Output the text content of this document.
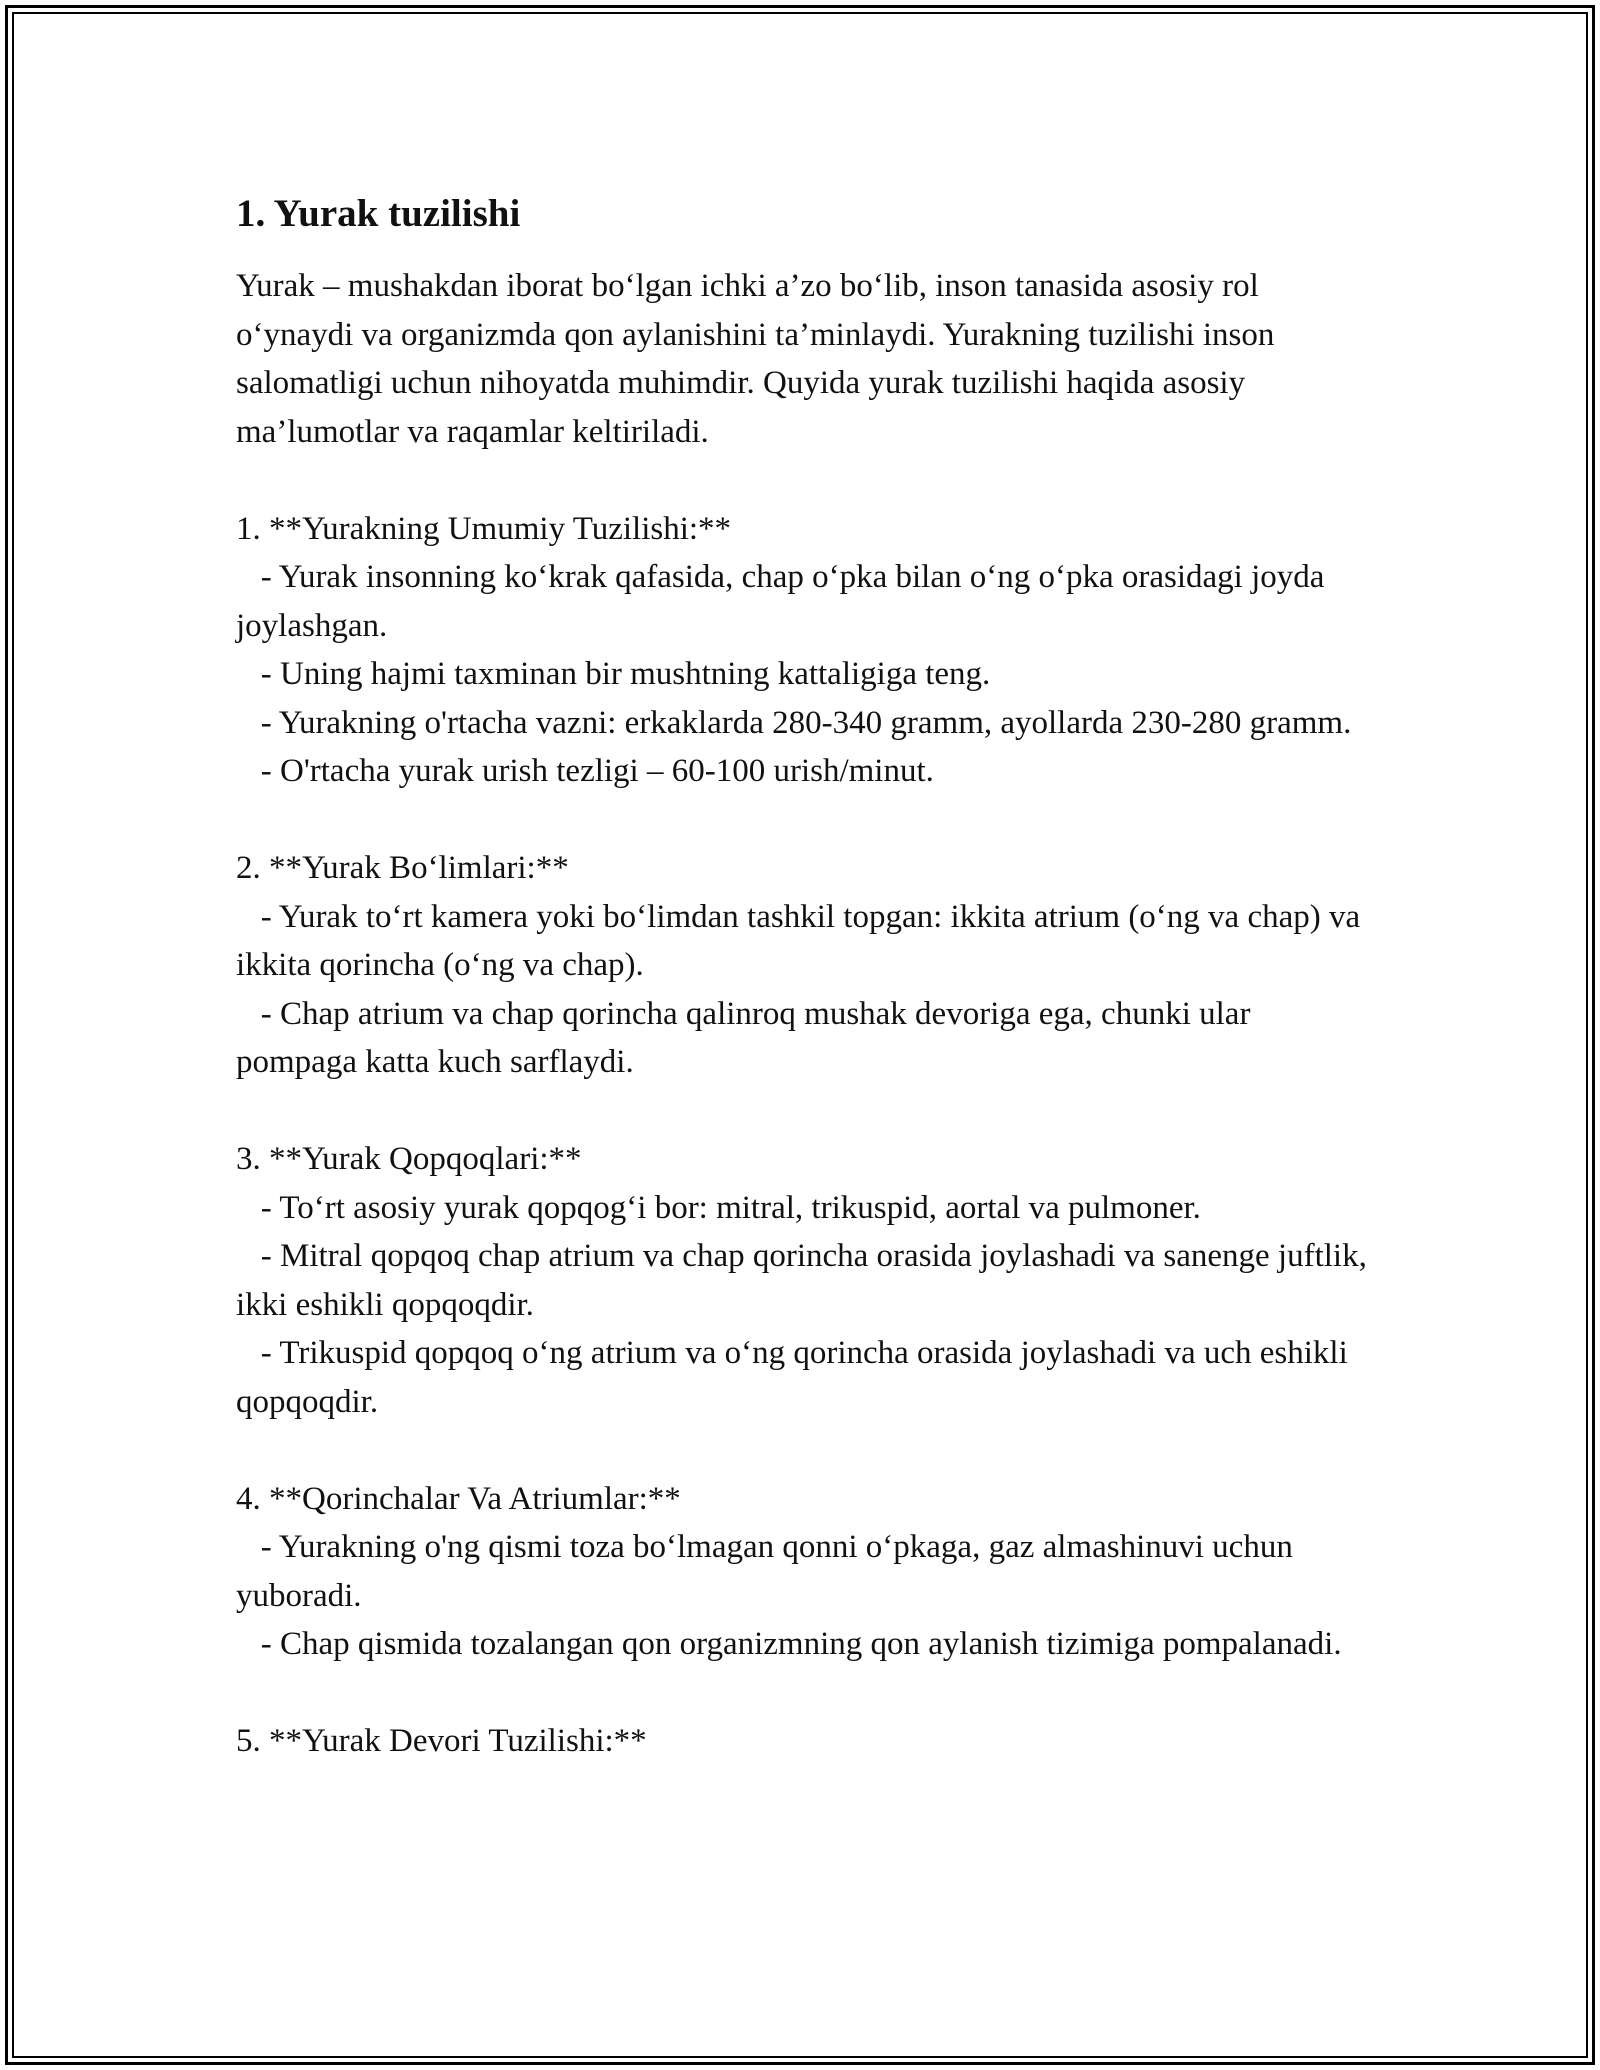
1. Yurak tuzilishi

Yurak – mushakdan iborat bo‘lgan ichki a’zo bo‘lib, inson tanasida asosiy rol o‘ynaydi va organizmda qon aylanishini ta’minlaydi. Yurakning tuzilishi inson salomatligi uchun nihoyatda muhimdir. Quyida yurak tuzilishi haqida asosiy ma’lumotlar va raqamlar keltiriladi.

1. **Yurakning Umumiy Tuzilishi:**
- Yurak insonning ko‘krak qafasida, chap o‘pka bilan o‘ng o‘pka orasidagi joyda joylashgan.
- Uning hajmi taxminan bir mushtning kattaligiga teng.
- Yurakning o'rtacha vazni: erkaklarda 280-340 gramm, ayollarda 230-280 gramm.
- O'rtacha yurak urish tezligi – 60-100 urish/minut.
2. **Yurak Bo‘limlari:**
- Yurak to‘rt kamera yoki bo‘limdan tashkil topgan: ikkita atrium (o‘ng va chap) va ikkita qorincha (o‘ng va chap).
- Chap atrium va chap qorincha qalinroq mushak devoriga ega, chunki ular pompaga katta kuch sarflaydi.
3. **Yurak Qopqoqlari:**
- To‘rt asosiy yurak qopqog‘i bor: mitral, trikuspid, aortal va pulmoner.
- Mitral qopqoq chap atrium va chap qorincha orasida joylashadi va sanenge juftlik, ikki eshikli qopqoqdir.
- Trikuspid qopqoq o‘ng atrium va o‘ng qorincha orasida joylashadi va uch eshikli qopqoqdir.
4. **Qorinchalar Va Atriumlar:**
- Yurakning o'ng qismi toza bo‘lmagan qonni o‘pkaga, gaz almashinuvi uchun yuboradi.
- Chap qismida tozalangan qon organizmning qon aylanish tizimiga pompalanadi.
5. **Yurak Devori Tuzilishi:**
